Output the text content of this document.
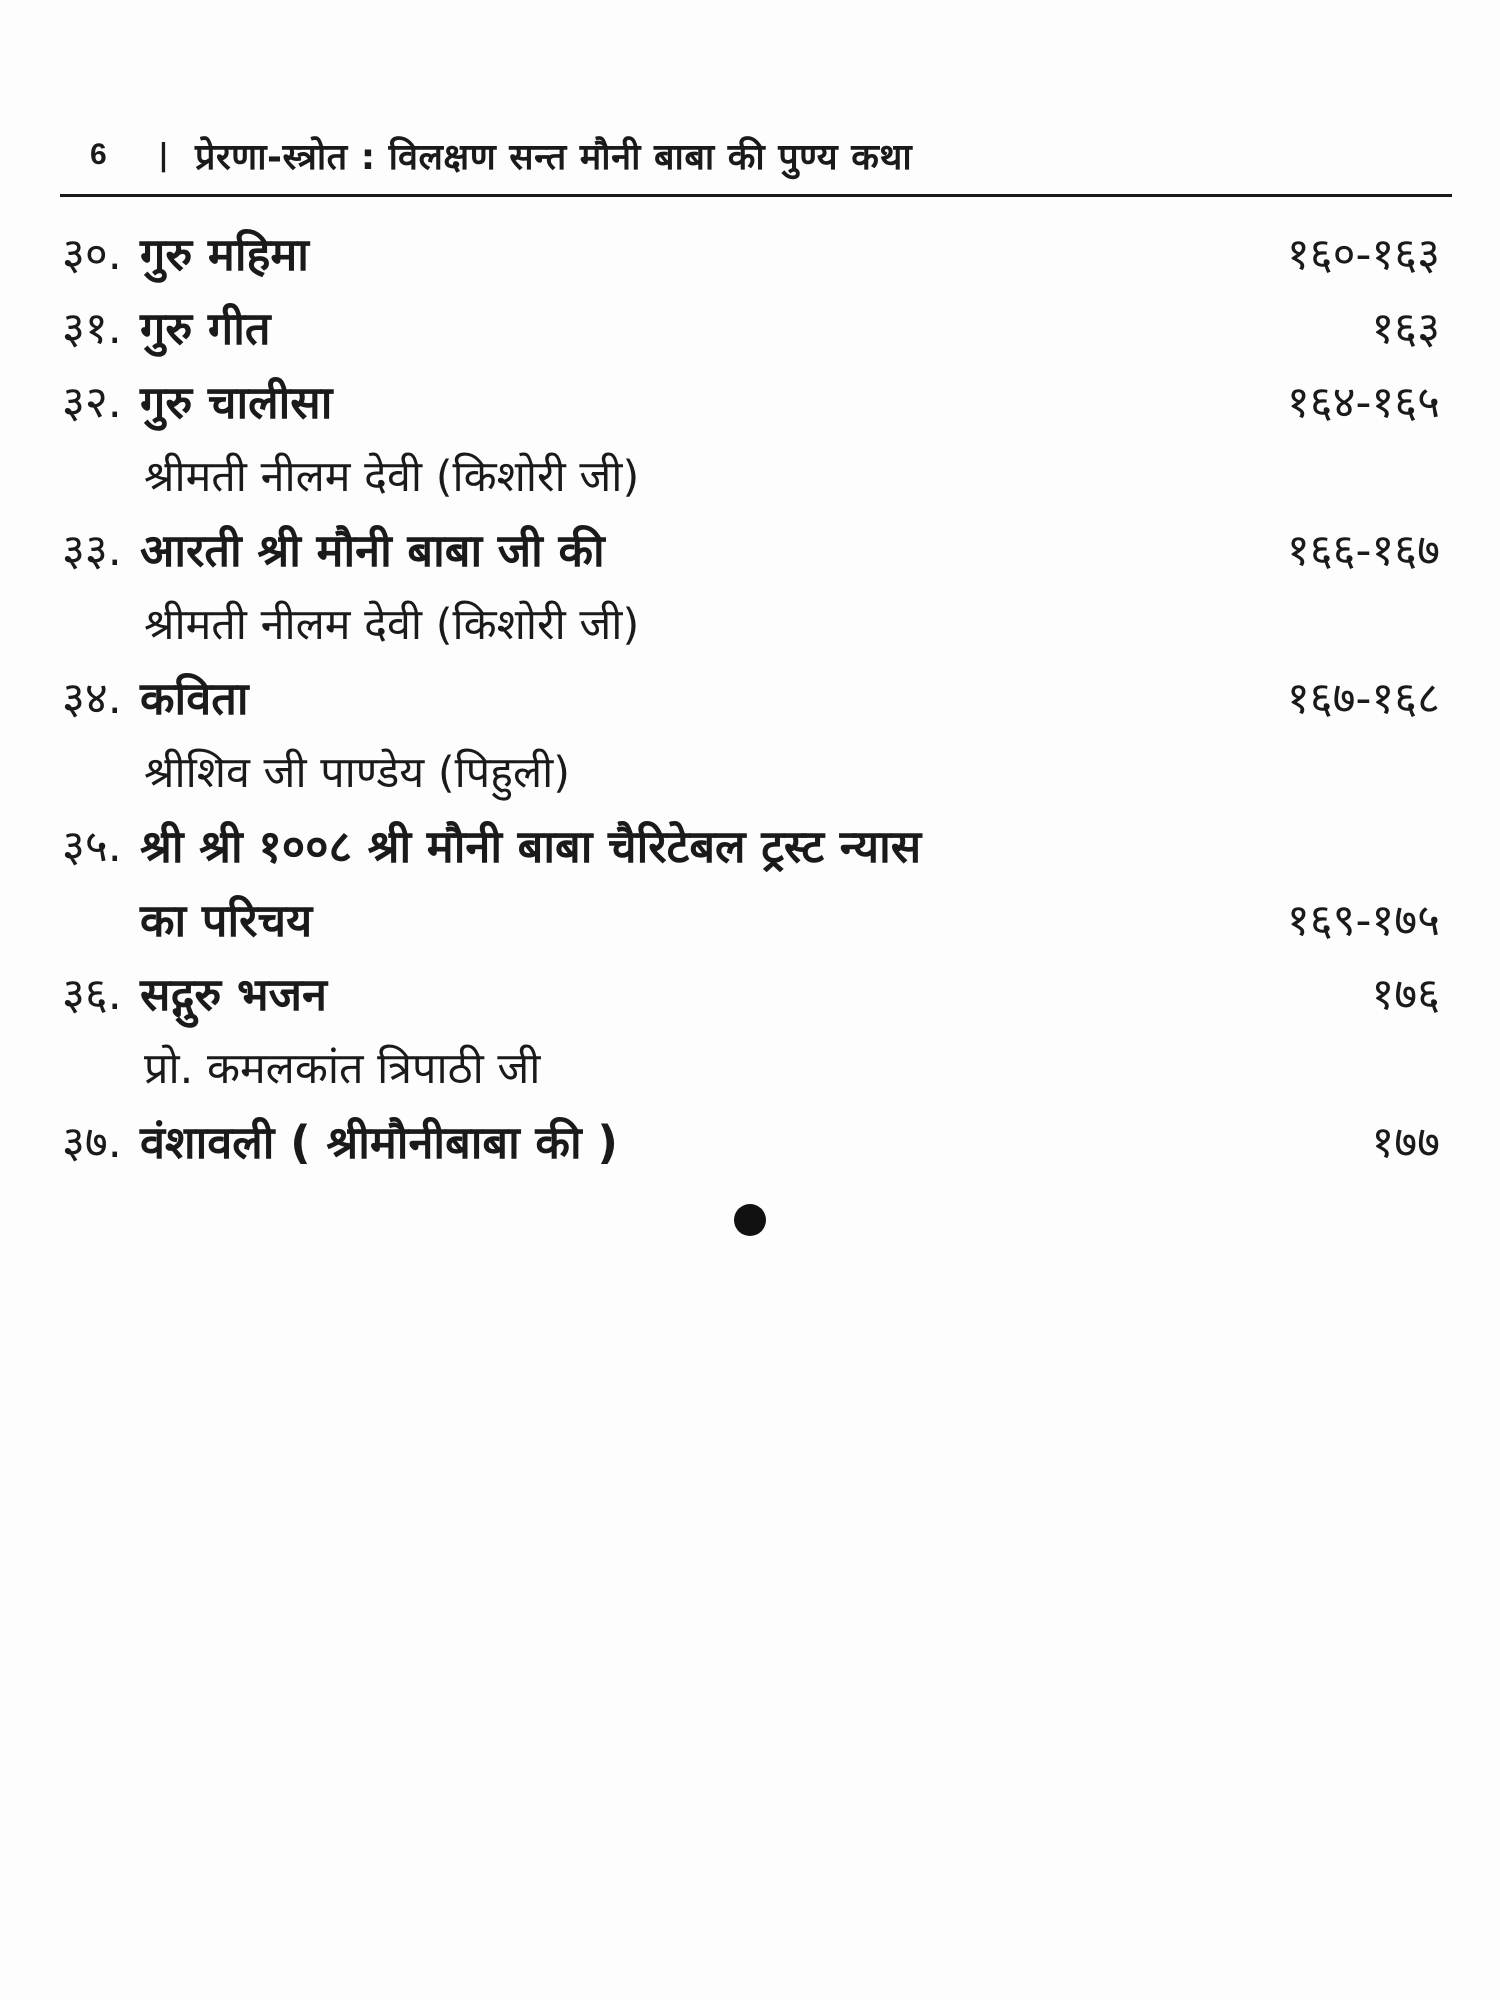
6	| प्रेरणा-स्त्रोत : विलक्षण सन्त मौनी बाबा की पुण्य कथा
३०. गुरु महिमा	१६०-१६३
३१. गुरु गीत	१६३
३२. गुरु चालीसा	१६४-१६५
श्रीमती नीलम देवी (किशोरी जी)
३३. आरती श्री मौनी बाबा जी की	१६६-१६७
श्रीमती नीलम देवी (किशोरी जी)
३४. कविता	१६७-१६८
श्रीशिव जी पाण्डेय (पिहुली)
३५. श्री श्री १००८ श्री मौनी बाबा चैरिटेबल ट्रस्ट न्यास
का परिचय	१६९-१७५
३६. सद्गुरु भजन	१७६
प्रो. कमलकांत त्रिपाठी जी
३७. वंशावली ( श्रीमौनीबाबा की )	१७७
